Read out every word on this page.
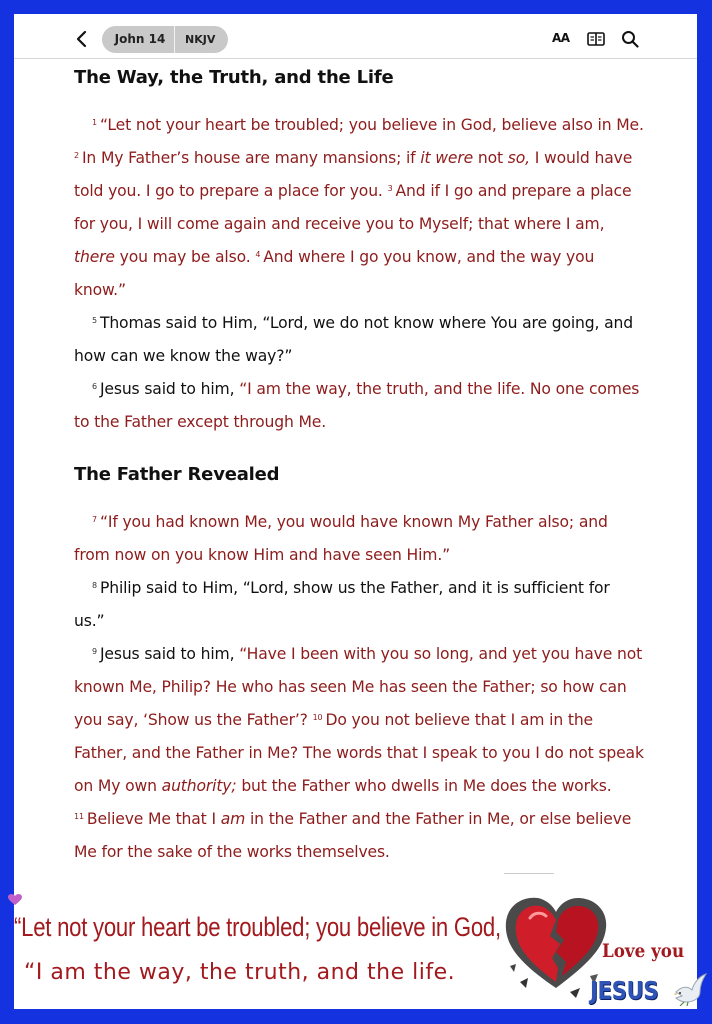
John 14	NKJV	AA
The Way, the Truth, and the Life
$^1$ “Let not your heart be troubled; you believe in God, believe also in Me. $^2$ In My Father’s house are many mansions; if it were not so, I would have told you. I go to prepare a place for you. $^3$ And if I go and prepare a place for you, I will come again and receive you to Myself; that where I am, there you may be also. $^4$ And where I go you know, and the way you know.”
$^5$ Thomas said to Him, “Lord, we do not know where You are going, and how can we know the way?”
$^6$ Jesus said to him, “I am the way, the truth, and the life. No one comes to the Father except through Me.
The Father Revealed
$^7$ “If you had known Me, you would have known My Father also; and from now on you know Him and have seen Him.”
$^8$ Philip said to Him, “Lord, show us the Father, and it is sufficient for us.”
$^9$ Jesus said to him, “Have I been with you so long, and yet you have not known Me, Philip? He who has seen Me has seen the Father; so how can you say, ‘Show us the Father’? $^{10}$ Do you not believe that I am in the Father, and the Father in Me? The words that I speak to you I do not speak on My own authority; but the Father who dwells in Me does the works. $^{11}$ Believe Me that I am in the Father and the Father in Me, or else believe Me for the sake of the works themselves.
“Let not your heart be troubled; you believe in God,
“I am the way, the truth, and the life.
Love you
JESUS
